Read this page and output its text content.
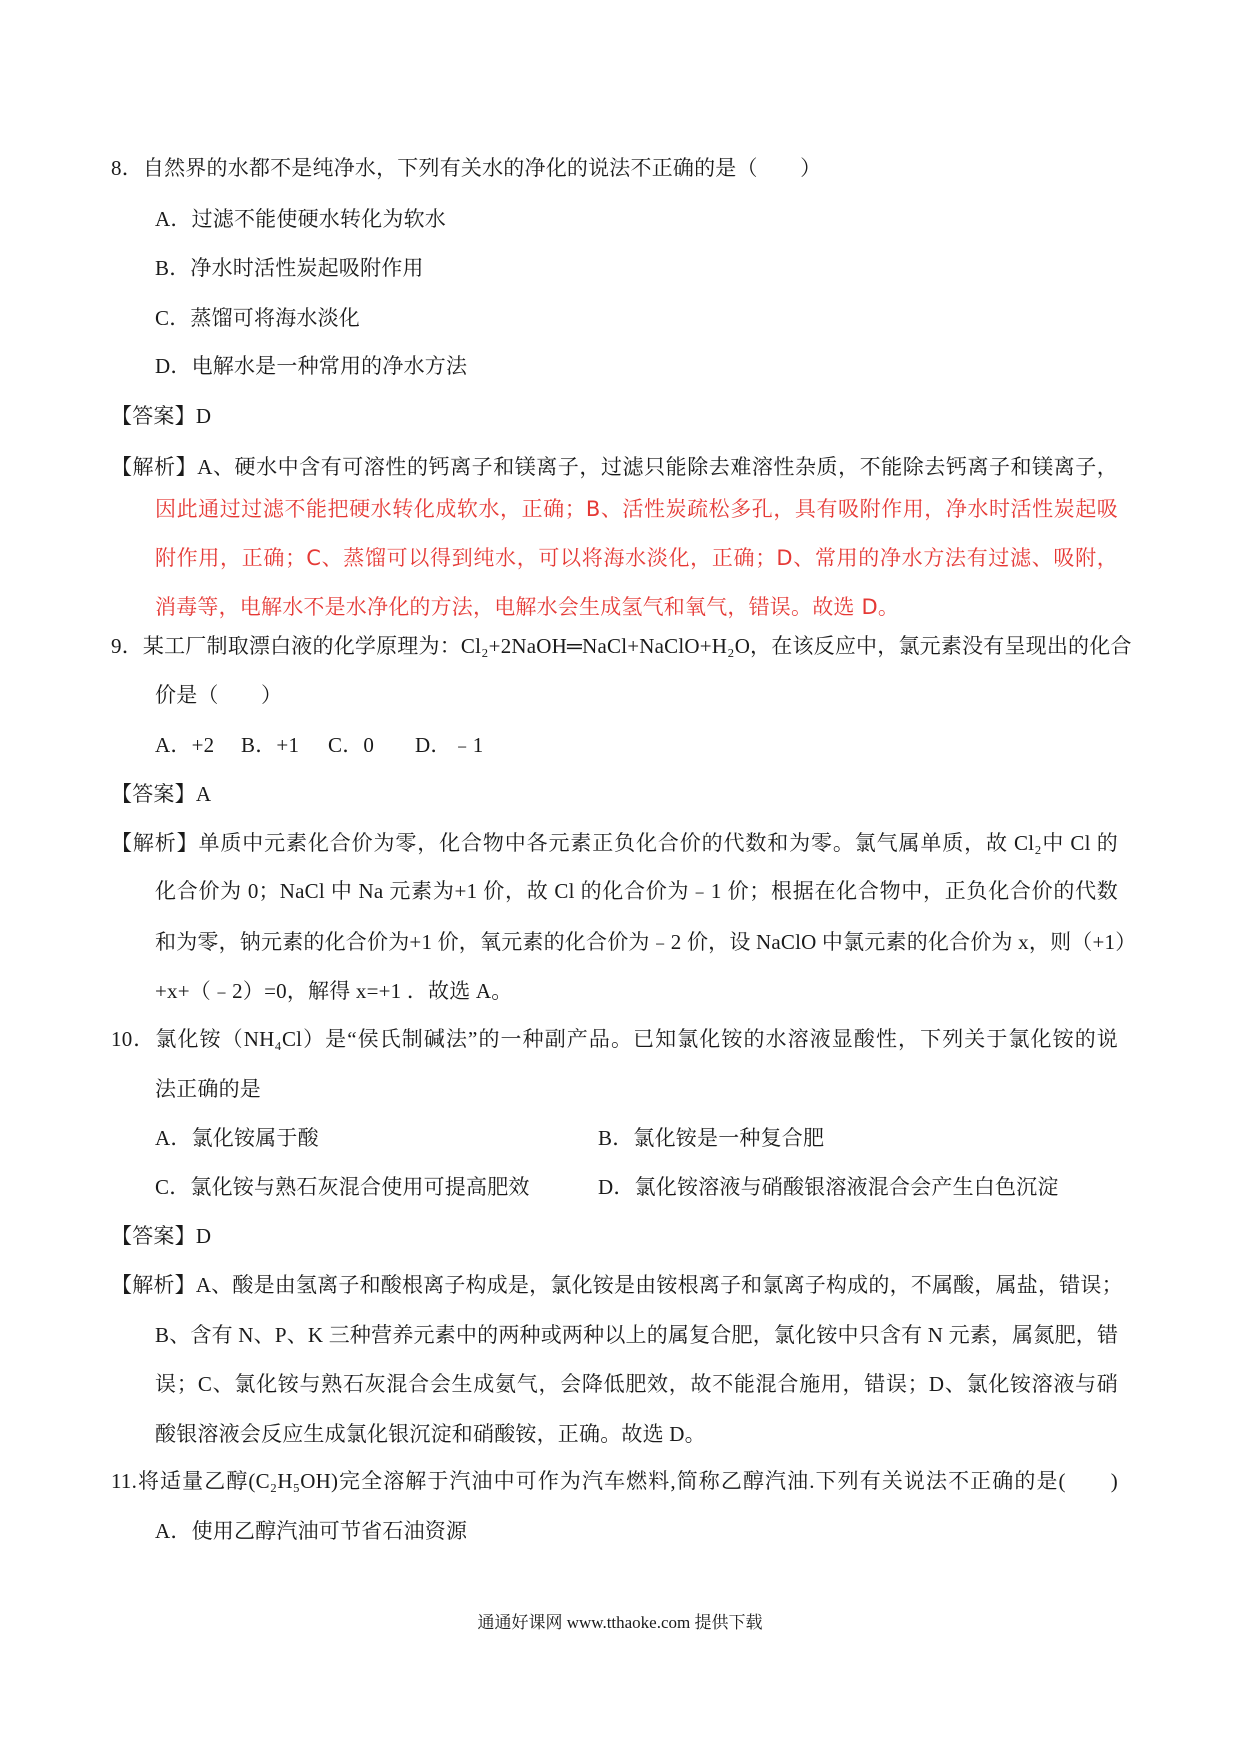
8．自然界的水都不是纯净水，下列有关水的净化的说法不正确的是（　　）
A．过滤不能使硬水转化为软水
B．净水时活性炭起吸附作用
C．蒸馏可将海水淡化
D．电解水是一种常用的净水方法
【答案】D
【解析】A、硬水中含有可溶性的钙离子和镁离子，过滤只能除去难溶性杂质，不能除去钙离子和镁离子，
因此通过过滤不能把硬水转化成软水，正确；B、活性炭疏松多孔，具有吸附作用，净水时活性炭起吸
附作用，正确；C、蒸馏可以得到纯水，可以将海水淡化，正确；D、常用的净水方法有过滤、吸附，
消毒等，电解水不是水净化的方法，电解水会生成氢气和氧气，错误。故选 D。
9．某工厂制取漂白液的化学原理为：Cl₂+2NaOH═NaCl+NaClO+H₂O，在该反应中，氯元素没有呈现出的化合
价是（　　）
A．+2 B．+1 C．0 D．﹣1
【答案】A
【解析】单质中元素化合价为零，化合物中各元素正负化合价的代数和为零。氯气属单质，故 Cl₂中 Cl 的
化合价为 0；NaCl 中 Na 元素为+1 价，故 Cl 的化合价为﹣1 价；根据在化合物中，正负化合价的代数
和为零，钠元素的化合价为+1 价，氧元素的化合价为﹣2 价，设 NaClO 中氯元素的化合价为 x，则（+1）
+x+（﹣2）=0，解得 x=+1 ．故选 A。
10．氯化铵（NH₄Cl）是“侯氏制碱法”的一种副产品。已知氯化铵的水溶液显酸性，下列关于氯化铵的说
法正确的是
A．氯化铵属于酸	B．氯化铵是一种复合肥
C．氯化铵与熟石灰混合使用可提高肥效	D．氯化铵溶液与硝酸银溶液混合会产生白色沉淀
【答案】D
【解析】A、酸是由氢离子和酸根离子构成是，氯化铵是由铵根离子和氯离子构成的，不属酸，属盐，错误；
B、含有 N、P、K 三种营养元素中的两种或两种以上的属复合肥，氯化铵中只含有 N 元素，属氮肥，错
误；C、氯化铵与熟石灰混合会生成氨气，会降低肥效，故不能混合施用，错误；D、氯化铵溶液与硝
酸银溶液会反应生成氯化银沉淀和硝酸铵，正确。故选 D。
11.将适量乙醇(C₂H₅OH)完全溶解于汽油中可作为汽车燃料,简称乙醇汽油.下列有关说法不正确的是(　　)
A．使用乙醇汽油可节省石油资源
通通好课网 www.tthaoke.com 提供下载
